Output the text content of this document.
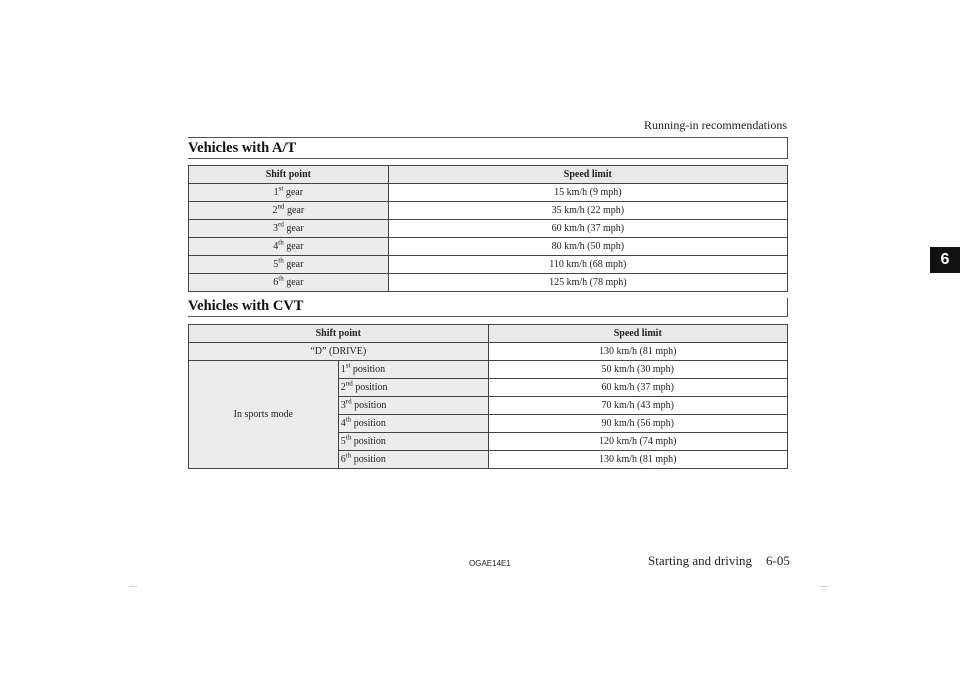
Running-in recommendations
Vehicles with A/T
Shift point	Speed limit
1st gear	15 km/h (9 mph)
2nd gear	35 km/h (22 mph)
3rd gear	60 km/h (37 mph)
4th gear	80 km/h (50 mph)
5th gear	110 km/h (68 mph)
6th gear	125 km/h (78 mph)
Vehicles with CVT
Shift point		Speed limit
“D” (DRIVE)		130 km/h (81 mph)
In sports mode	1st position	50 km/h (30 mph)
	2nd position	60 km/h (37 mph)
	3rd position	70 km/h (43 mph)
	4th position	90 km/h (56 mph)
	5th position	120 km/h (74 mph)
	6th position	130 km/h (81 mph)
6
OGAE14E1	Starting and driving 6-05
